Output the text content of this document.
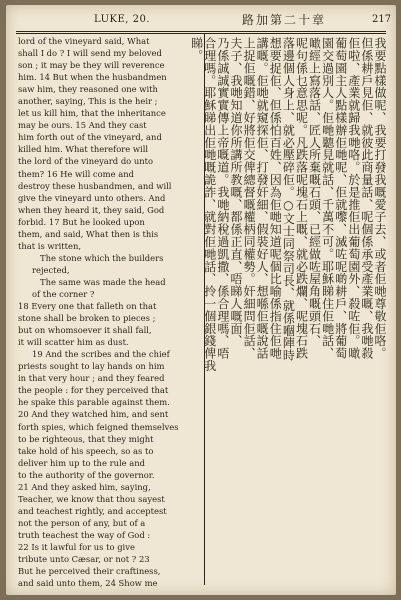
LUKE, 20.	路加第二十章	217
lord of the vineyard said, What
shall I do ? I will send my beloved
son ; it may be they will reverence
him. 14 But when the husbandmen
saw him, they reasoned one with
another, saying, This is the heir ;
let us kill him, that the inheritance
may be ours. 15 And they cast
him forth out of the vineyard, and
killed him. What therefore will
the lord of the vineyard do unto
them? 16 He will come and
destroy these husbandmen, and will
give the vineyard unto others. And
when they heard it, they said, God
forbid. 17 But he looked upon
them, and said, What then is this
that is written,
The stone which the builders
rejected,
The same was made the head
of the corner ?
18 Every one that falleth on that
stone shall be broken to pieces ;
but on whomsoever it shall fall,
it will scatter him as dust.
19 And the scribes and the chief
priests sought to lay hands on him
in that very hour ; and they feared
the people : for they perceived that
he spake this parable against them.
20 And they watched him, and sent
forth spies, which feigned themselves
to be righteous, that they might
take hold of his speech, so as to
deliver him up to the rule and
to the authority of the governor.
21 And they asked him, saying,
Teacher, we know that thou sayest
and teachest rightly, and acceptest
not the person of any, but of a
truth teachest the way of God :
22 Is it lawful for us to give
tribute unto Cæsar, or not ? 23
But he perceived their craftiness,
and said unto them, 24 Show me
我要點樣做呢、我要打發我嘅愛子去、或者佢哋尊敬佢咯。
但係耕戶見佢、就彼此商量話、呢個係承受產業嘅、我哋殺
佢啦、產業就歸我哋咯。於是推佢出葡萄園外、殺咗佢。噉
葡萄園主人點樣辦佢哋呢、佢就嚟、滅咗呢啲耕戶、將葡萄
園交過別人。佢哋聽見就話、千萬不可。耶穌睇住佢哋話、
噉經上寫落話、匠人所棄嘅石頭、已經做咗屋角嘅頭石、
呢句係乜意思呢。凡跌落呢塊石上嘅、就必跌爛、呢塊石跌
落邊個人身上、就必壓碎佢。○文士同祭司長、就係嗰陣時
想要捉佢、但係怕百姓、因為佢哋知道呢個比喻係指住佢哋
講嘅。佢哋就窺探佢、打發奸細、假裝好人、想喺佢嘅說話
上捉佢嘅錯、好將佢交俾總督嘅權柄同權勢。奸細問佢話、
夫子、我哋知道你所講所教嘅、都係正直、唔睇人嘅面、
乃係誠誠實實傳上帝嘅道。我哋納稅過凱撒、係合理嗎、唔
合理嗎。耶穌睇出佢哋嘅詭詐、就對佢哋話、拎一個銀錢俾我
睇。
